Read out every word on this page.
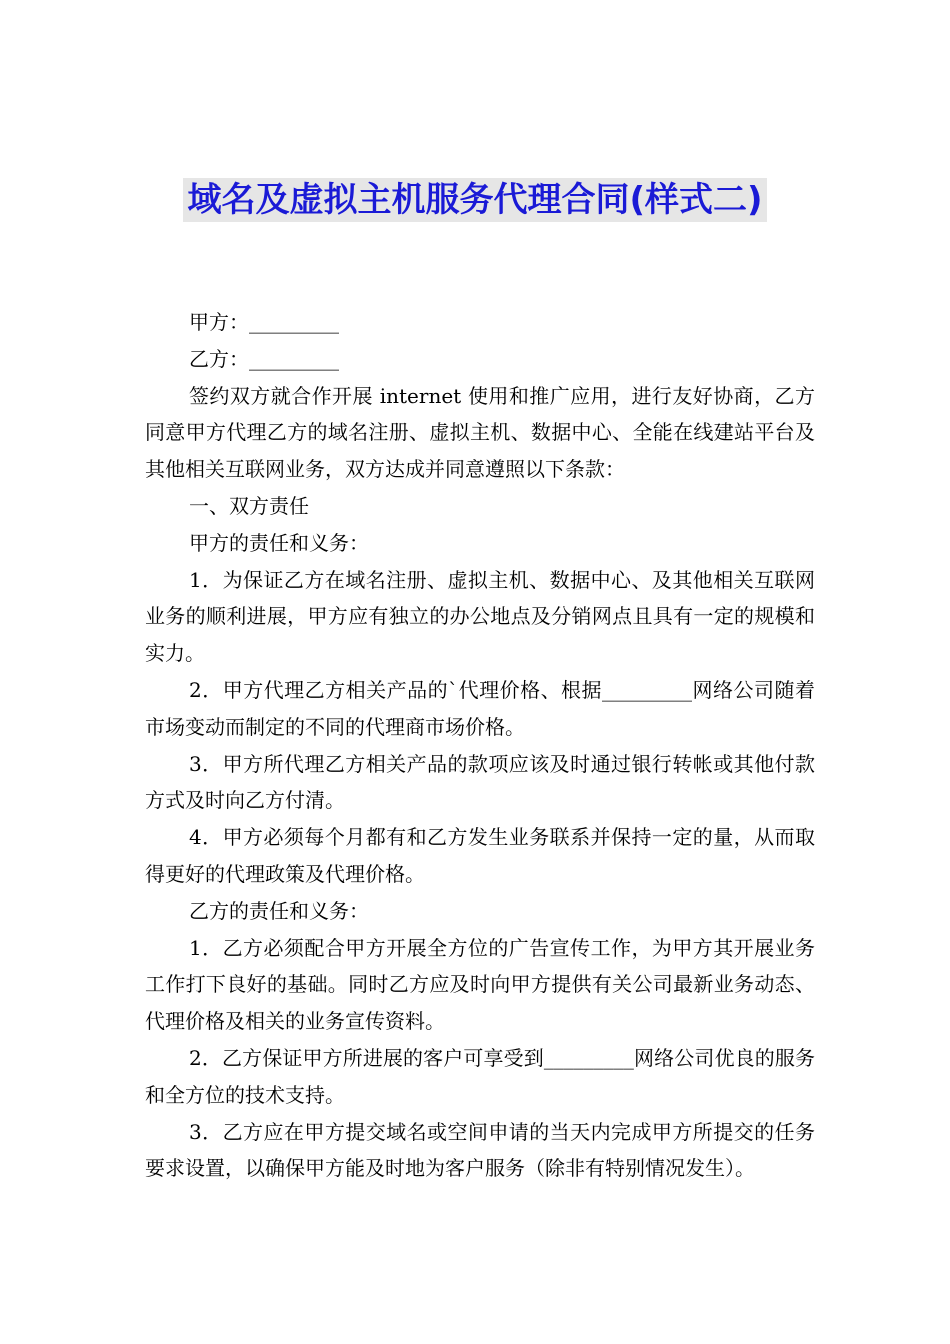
域名及虚拟主机服务代理合同(样式二)

甲方：_________

乙方：_________

签约双方就合作开展 internet 使用和推广应用，进行友好协商，乙方同意甲方代理乙方的域名注册、虚拟主机、数据中心、全能在线建站平台及其他相关互联网业务，双方达成并同意遵照以下条款：

一、双方责任

甲方的责任和义务：

1．为保证乙方在域名注册、虚拟主机、数据中心、及其他相关互联网业务的顺利进展，甲方应有独立的办公地点及分销网点且具有一定的规模和实力。

2．甲方代理乙方相关产品的`代理价格、根据_________网络公司随着市场变动而制定的不同的代理商市场价格。

3．甲方所代理乙方相关产品的款项应该及时通过银行转帐或其他付款方式及时向乙方付清。

4．甲方必须每个月都有和乙方发生业务联系并保持一定的量，从而取得更好的代理政策及代理价格。

乙方的责任和义务：

1．乙方必须配合甲方开展全方位的广告宣传工作，为甲方其开展业务工作打下良好的基础。同时乙方应及时向甲方提供有关公司最新业务动态、代理价格及相关的业务宣传资料。

2．乙方保证甲方所进展的客户可享受到_________网络公司优良的服务和全方位的技术支持。

3．乙方应在甲方提交域名或空间申请的当天内完成甲方所提交的任务要求设置，以确保甲方能及时地为客户服务（除非有特别情况发生）。
